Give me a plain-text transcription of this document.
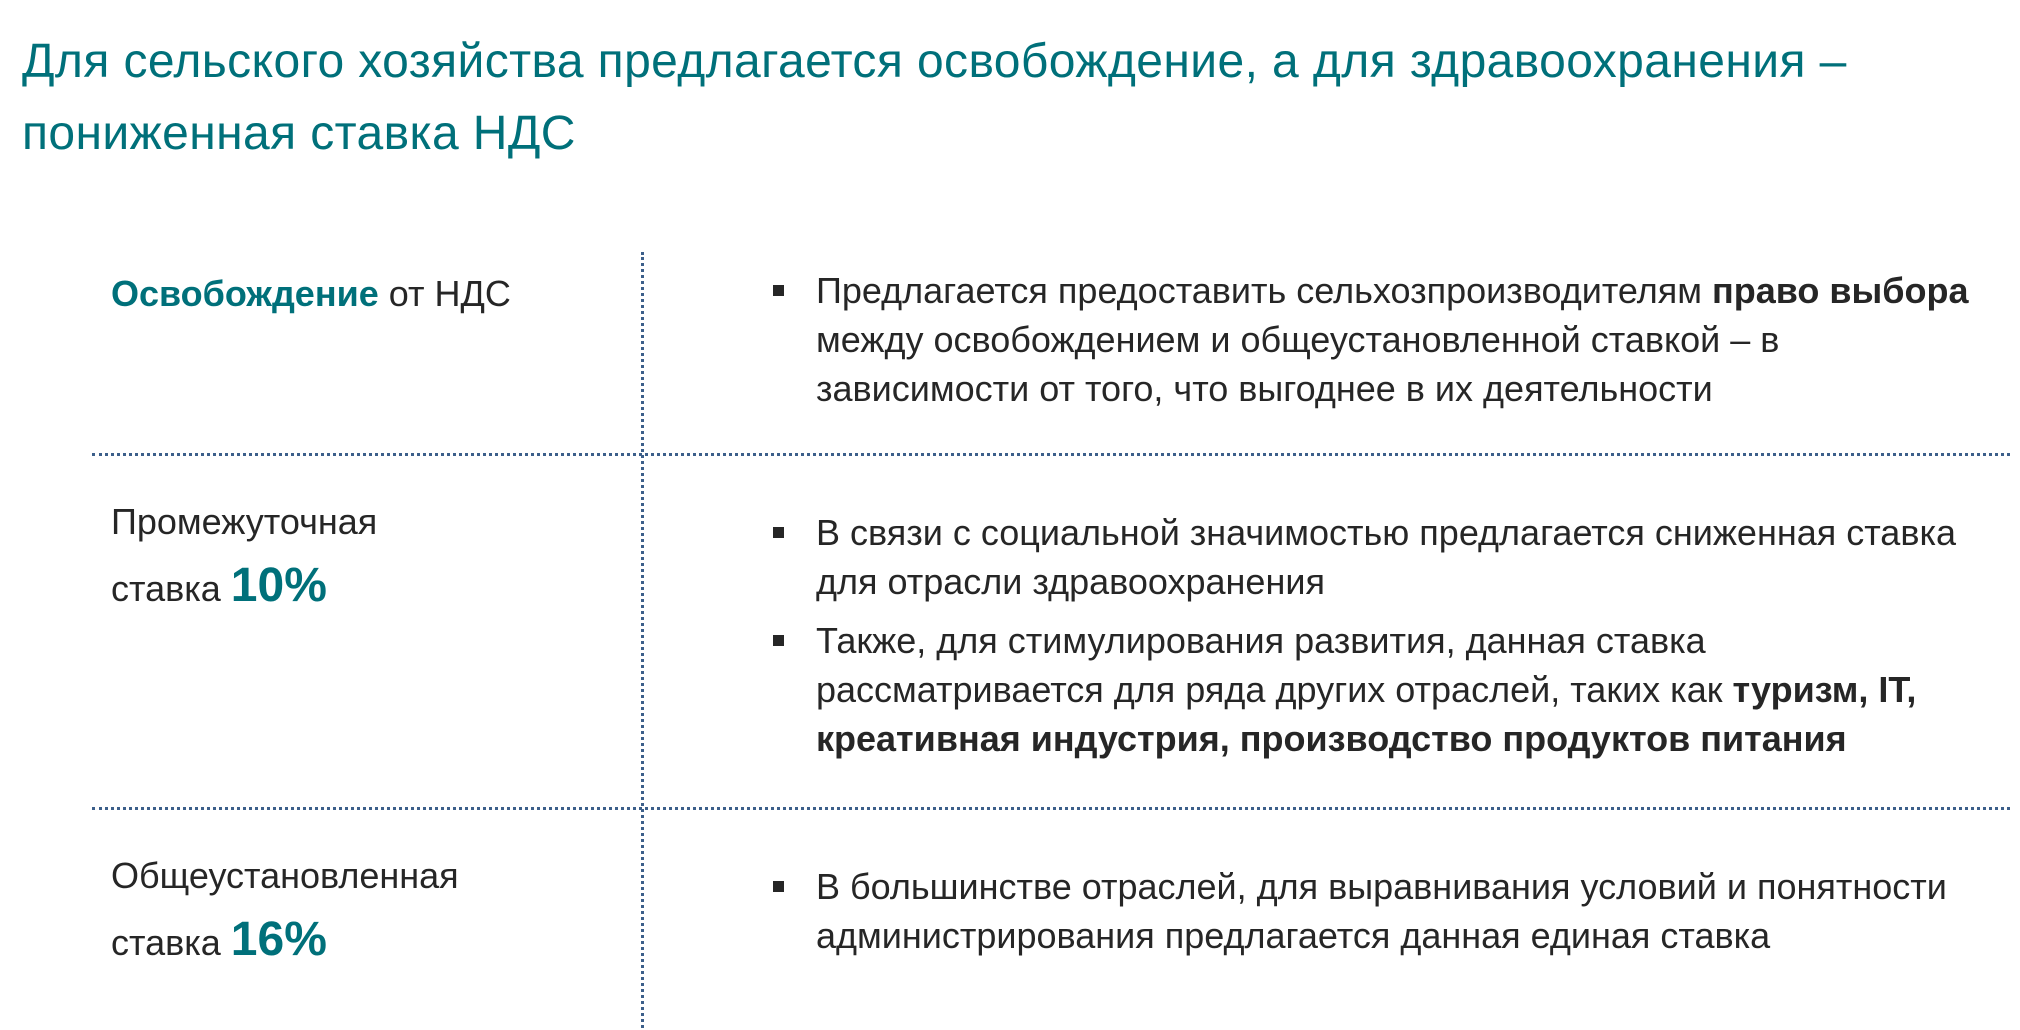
Для сельского хозяйства предлагается освобождение, а для здравоохранения – пониженная ставка НДС
Освобождение от НДС	Предлагается предоставить сельхозпроизводителям право выбора между освобождением и общеустановленной ставкой – в зависимости от того, что выгоднее в их деятельности
Промежуточная
ставка 10%
В связи с социальной значимостью предлагается сниженная ставка для отрасли здравоохранения
Также, для стимулирования развития, данная ставка рассматривается для ряда других отраслей, таких как туризм, IT, креативная индустрия, производство продуктов питания
Общеустановленная
ставка 16%
В большинстве отраслей, для выравнивания условий и понятности администрирования предлагается данная единая ставка
